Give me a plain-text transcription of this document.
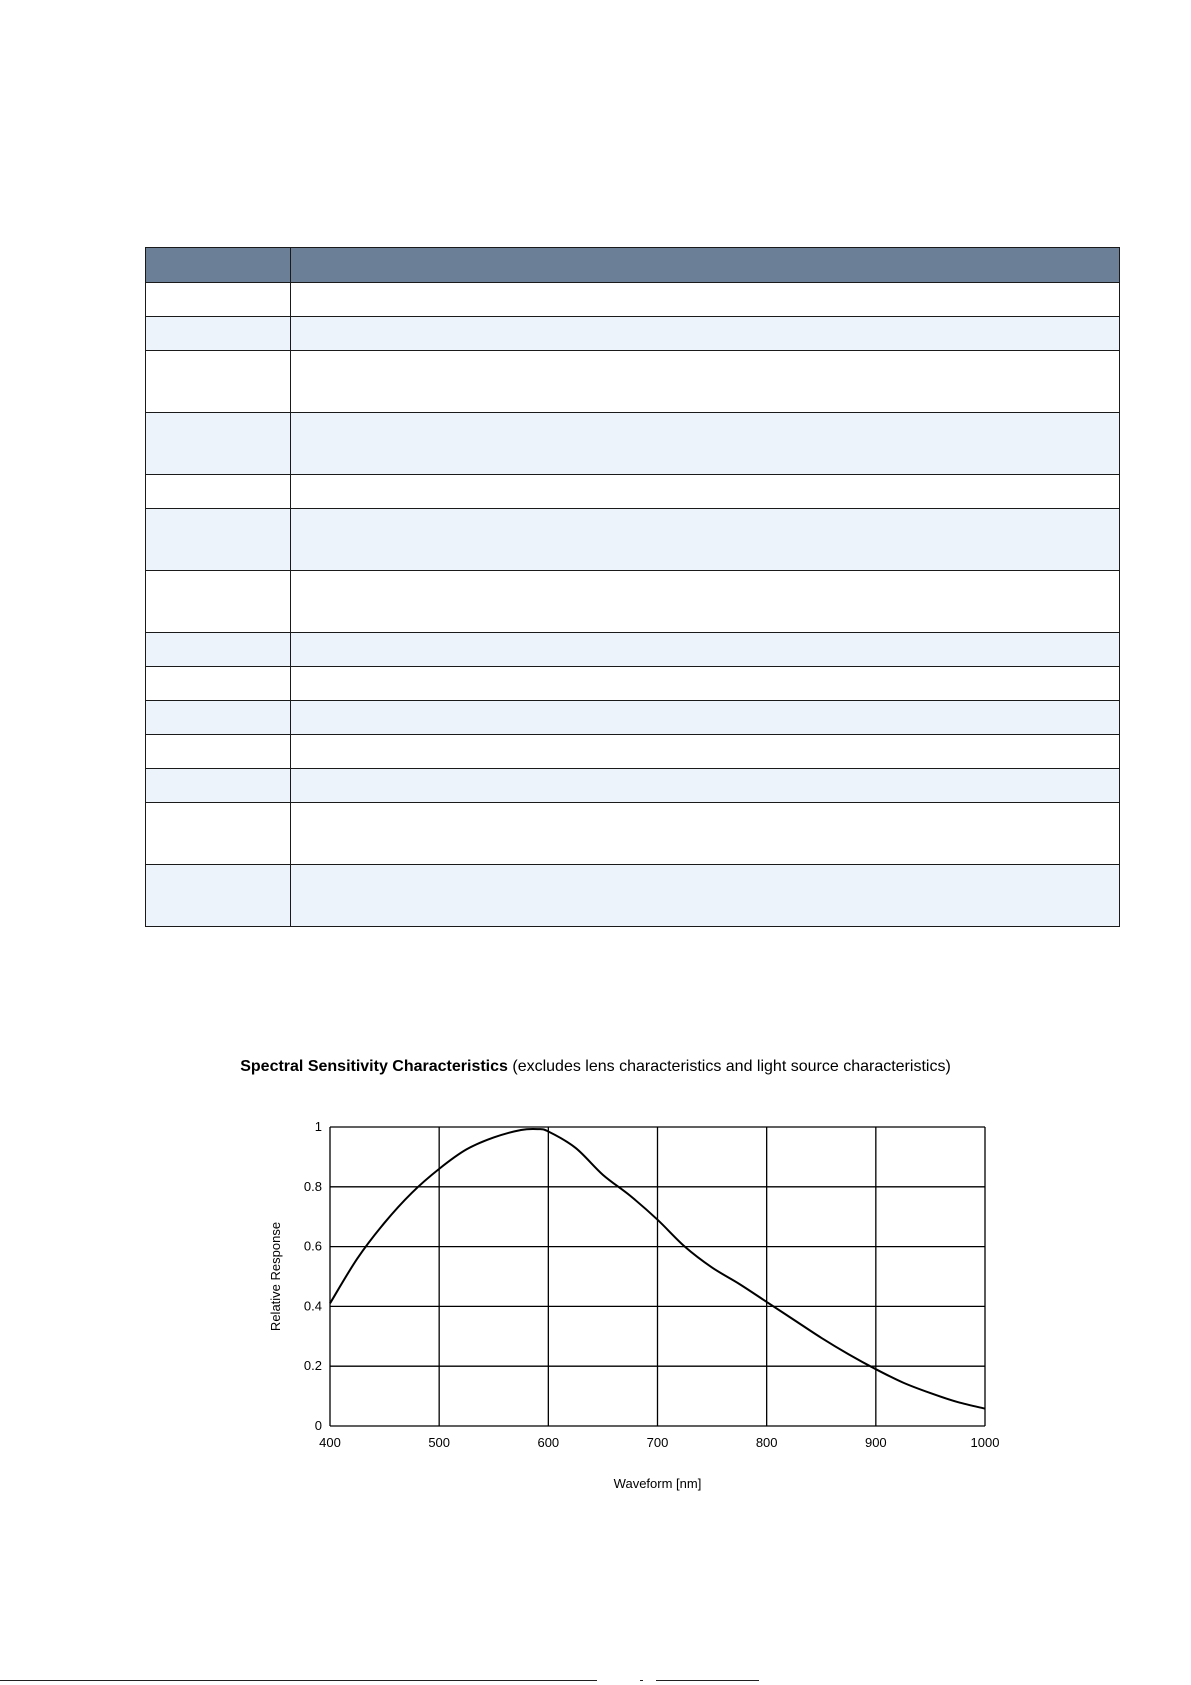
Spectral Sensitivity Characteristics (excludes lens characteristics and light source characteristics)
400	500	600	700	800	900	1000
0
0.2
0.4
0.6
0.8
1
Waveform [nm]
Relative Response
